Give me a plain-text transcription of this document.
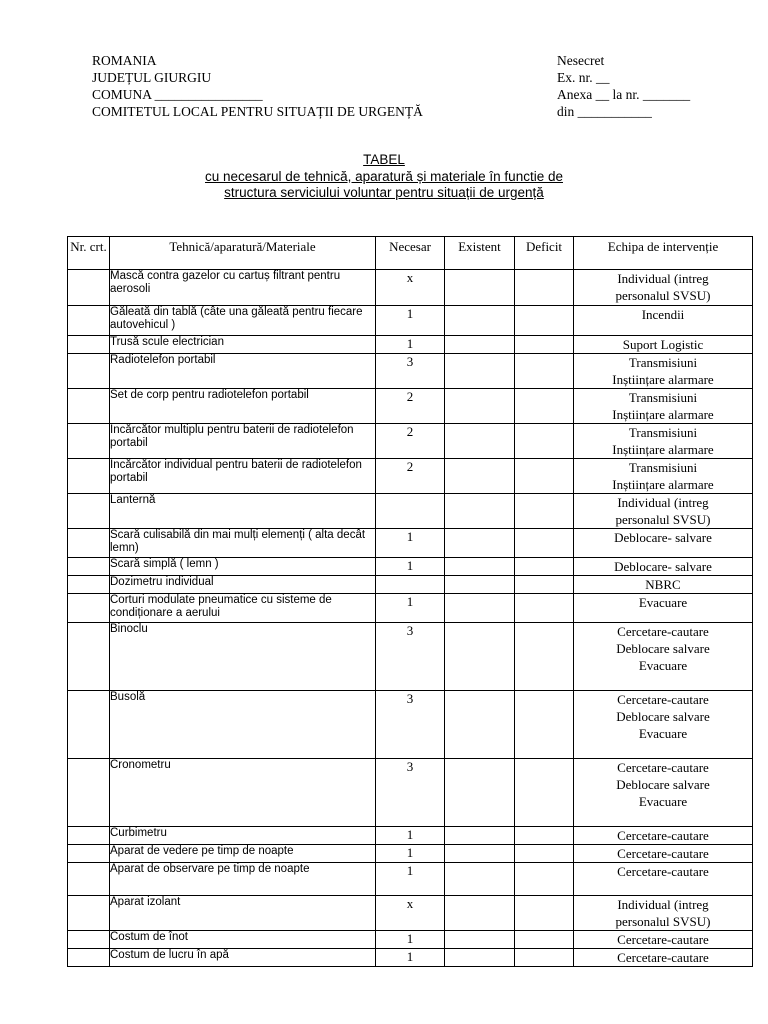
ROMANIA
JUDEȚUL GIURGIU
COMUNA ________________
COMITETUL LOCAL PENTRU SITUAȚII DE URGENȚĂ
Nesecret
Ex. nr. __
Anexa __ la nr. _______
din ___________
TABEL
cu necesarul de tehnică, aparatură și materiale în functie de
structura serviciului voluntar pentru situații de urgență
Nr. crt.	Tehnică/aparatură/Materiale	Necesar	Existent	Deficit	Echipa de intervenție
	Mască contra gazelor cu cartuș filtrant pentru aerosoli	x			Individual (intreg
personalul SVSU)

	Găleată din tablă (câte una găleată pentru fiecare autovehicul )	1			Incendii

	Trusă scule electrician	1			Suport Logistic

	Radiotelefon portabil	3			Transmisiuni
Inștiințare alarmare

	Set de corp pentru radiotelefon portabil	2			Transmisiuni
Inștiințare alarmare

	Încărcător multiplu pentru baterii de radiotelefon portabil	2			Transmisiuni
Inștiințare alarmare

	Încărcător individual pentru baterii de radiotelefon portabil	2			Transmisiuni
Inștiințare alarmare

	Lanternă				Individual (intreg
personalul SVSU)

	Scară culisabilă din mai mulți elemenți ( alta decât lemn)	1			Deblocare- salvare

	Scară simplă ( lemn )	1			Deblocare- salvare

	Dozimetru individual				NBRC

	Corturi modulate pneumatice cu sisteme de condiționare a aerului	1			Evacuare

	Binoclu	3			Cercetare-cautare
Deblocare salvare
Evacuare

	Busolă	3			Cercetare-cautare
Deblocare salvare
Evacuare

	Cronometru	3			Cercetare-cautare
Deblocare salvare
Evacuare

	Curbimetru	1			Cercetare-cautare

	Aparat de vedere pe timp de noapte	1			Cercetare-cautare

	Aparat de observare pe timp de noapte	1			Cercetare-cautare

	Aparat izolant	x			Individual (intreg
personalul SVSU)

	Costum de înot	1			Cercetare-cautare

	Costum de lucru în apă	1			Cercetare-cautare
